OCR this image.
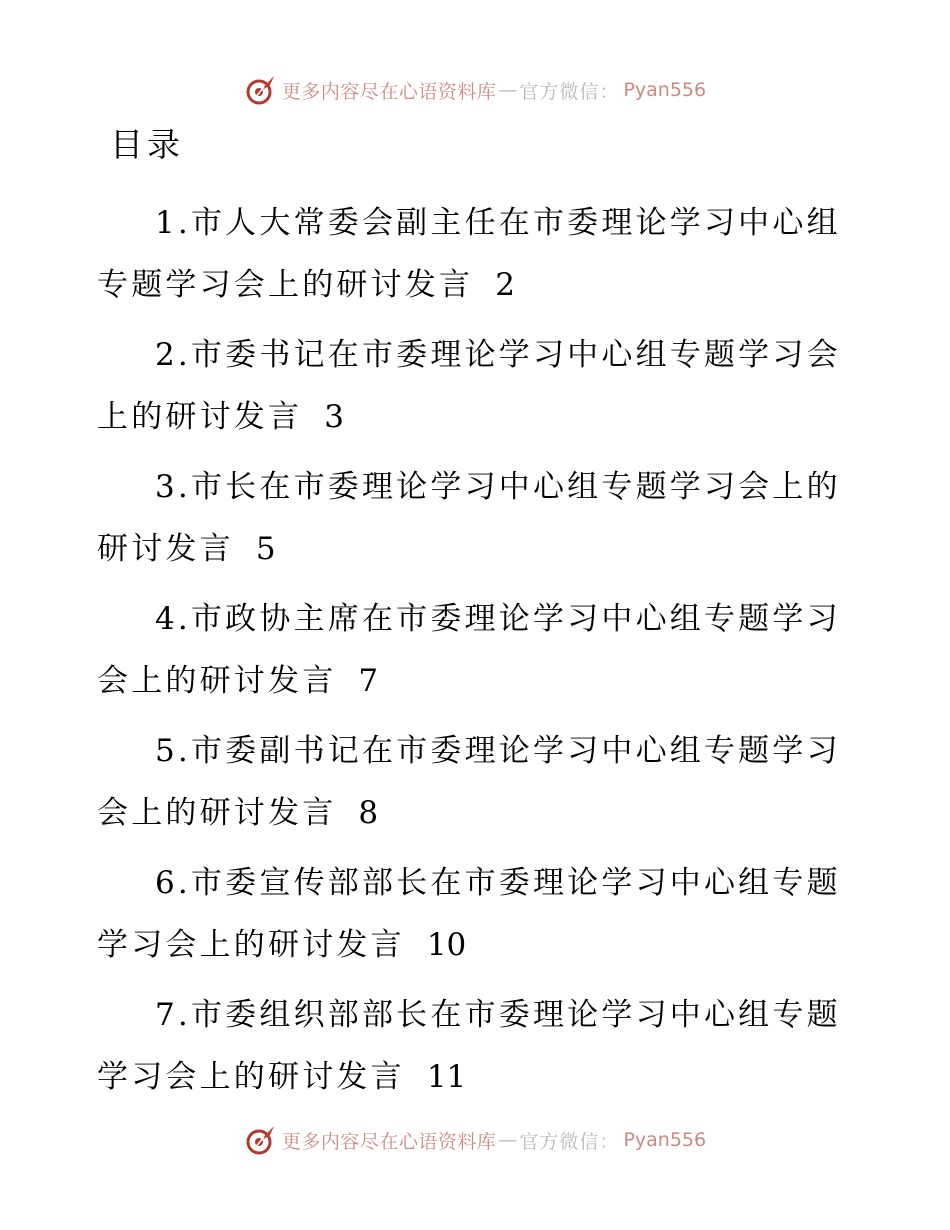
更多内容尽在心语资料库 — 官方微信： Pyan556
目录
1.市人大常委会副主任在市委理论学习中心组专题学习会上的研讨发言 2
2.市委书记在市委理论学习中心组专题学习会上的研讨发言 3
3.市长在市委理论学习中心组专题学习会上的研讨发言 5
4.市政协主席在市委理论学习中心组专题学习会上的研讨发言 7
5.市委副书记在市委理论学习中心组专题学习会上的研讨发言 8
6.市委宣传部部长在市委理论学习中心组专题学习会上的研讨发言 10
7.市委组织部部长在市委理论学习中心组专题学习会上的研讨发言 11
更多内容尽在心语资料库 — 官方微信： Pyan556
